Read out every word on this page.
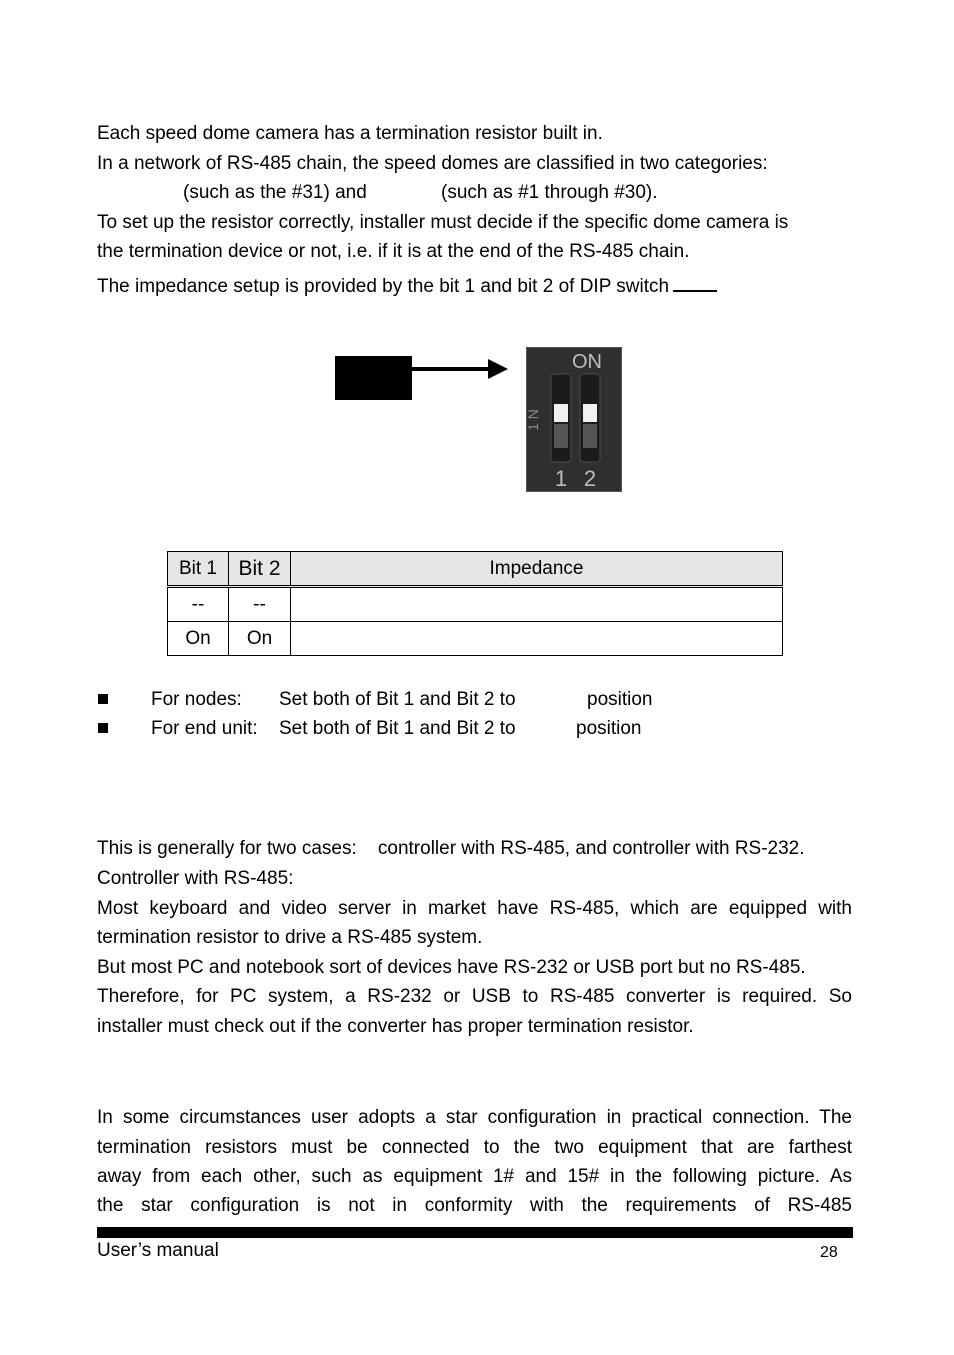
Each speed dome camera has a termination resistor built in.
In a network of RS-485 chain, the speed domes are classified in two categories:
(such as the #31) and	(such as #1 through #30).
To set up the resistor correctly, installer must decide if the specific dome camera is
the termination device or not, i.e. if it is at the end of the RS-485 chain.
The impedance setup is provided by the bit 1 and bit 2 of DIP switch
ON
1 N
1 2
Bit 1	Bit 2	Impedance
--	--	
On	On	
For nodes: Set both of Bit 1 and Bit 2 to	position
For end unit: Set both of Bit 1 and Bit 2 to	position
This is generally for two cases:    controller with RS-485, and controller with RS-232.
Controller with RS-485:
Most keyboard and video server in market have RS-485, which are equipped with
termination resistor to drive a RS-485 system.
But most PC and notebook sort of devices have RS-232 or USB port but no RS-485.
Therefore, for PC system, a RS-232 or USB to RS-485 converter is required. So
installer must check out if the converter has proper termination resistor.
In some circumstances user adopts a star configuration in practical connection. The
termination resistors must be connected to the two equipment that are farthest
away from each other, such as equipment 1# and 15# in the following picture. As
the star configuration is not in conformity with the requirements of RS-485
User’s manual	28
